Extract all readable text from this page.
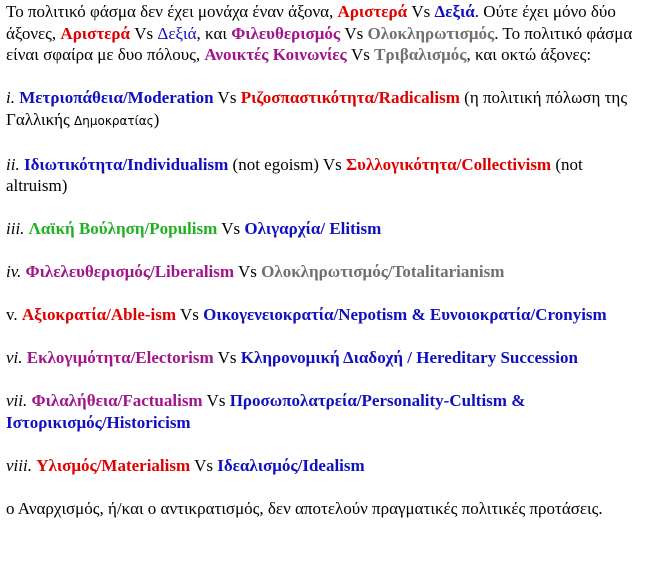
Το πολιτικό φάσμα δεν έχει μονάχα έναν άξονα, Αριστερά Vs Δεξιά. Ούτε έχει μόνο δύο άξονες, Αριστερά Vs Δεξιά, και Φιλευθερισμός Vs Ολοκληρωτισμός. Το πολιτικό φάσμα είναι σφαίρα με δυο πόλους, Ανοικτές Κοινωνίες Vs Τριβαλισμός, και οκτώ άξονες:

i. Μετριοπάθεια/Moderation Vs Ριζοσπαστικότητα/Radicalism (η πολιτική πόλωση της Γαλλικής Δημοκρατίας)

ii. Ιδιωτικότητα/Individualism (not egoism) Vs Συλλογικότητα/Collectivism (not altruism)

iii. Λαϊκή Βούληση/Populism Vs Ολιγαρχία/ Elitism

iv. Φιλελευθερισμός/Liberalism Vs Ολοκληρωτισμός/Totalitarianism

v. Αξιοκρατία/Able-ism Vs Οικογενειοκρατία/Nepotism & Ευνοιοκρατία/Cronyism

vi. Εκλογιμότητα/Electorism Vs Κληρονομική Διαδοχή / Hereditary Succession

vii. Φιλαλήθεια/Factualism Vs Προσωπολατρεία/Personality-Cultism & Ιστορικισμός/Historicism

viii. Υλισμός/Materialism Vs Ιδεαλισμός/Idealism

ο Αναρχισμός, ή/και ο αντικρατισμός, δεν αποτελούν πραγματικές πολιτικές προτάσεις.
